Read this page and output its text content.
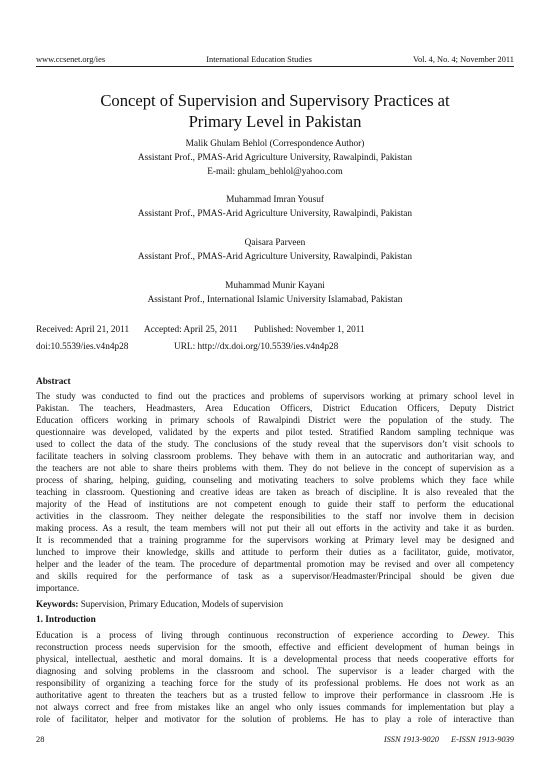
www.ccsenet.org/ies	International Education Studies	Vol. 4, No. 4; November 2011
Concept of Supervision and Supervisory Practices at
Primary Level in Pakistan
Malik Ghulam Behlol (Correspondence Author)
Assistant Prof., PMAS-Arid Agriculture University, Rawalpindi, Pakistan
E-mail: ghulam_behlol@yahoo.com
Muhammad Imran Yousuf
Assistant Prof., PMAS-Arid Agriculture University, Rawalpindi, Pakistan
Qaisara Parveen
Assistant Prof., PMAS-Arid Agriculture University, Rawalpindi, Pakistan
Muhammad Munir Kayani
Assistant Prof., International Islamic University Islamabad, Pakistan
Received: April 21, 2011 Accepted: April 25, 2011 Published: November 1, 2011
doi:10.5539/ies.v4n4p28	URL: http://dx.doi.org/10.5539/ies.v4n4p28
Abstract
The study was conducted to find out the practices and problems of supervisors working at primary school level in
Pakistan. The teachers, Headmasters, Area Education Officers, District Education Officers, Deputy District
Education officers working in primary schools of Rawalpindi District were the population of the study. The
questionnaire was developed, validated by the experts and pilot tested. Stratified Random sampling technique was
used to collect the data of the study. The conclusions of the study reveal that the supervisors don’t visit schools to
facilitate teachers in solving classroom problems. They behave with them in an autocratic and authoritarian way, and
the teachers are not able to share theirs problems with them. They do not believe in the concept of supervision as a
process of sharing, helping, guiding, counseling and motivating teachers to solve problems which they face while
teaching in classroom. Questioning and creative ideas are taken as breach of discipline. It is also revealed that the
majority of the Head of institutions are not competent enough to guide their staff to perform the educational
activities in the classroom. They neither delegate the responsibilities to the staff nor involve them in decision
making process. As a result, the team members will not put their all out efforts in the activity and take it as burden.
It is recommended that a training programme for the supervisors working at Primary level may be designed and
lunched to improve their knowledge, skills and attitude to perform their duties as a facilitator, guide, motivator,
helper and the leader of the team. The procedure of departmental promotion may be revised and over all competency
and skills required for the performance of task as a supervisor/Headmaster/Principal should be given due
importance.
Keywords: Supervision, Primary Education, Models of supervision
1. Introduction
Education is a process of living through continuous reconstruction of experience according to Dewey. This
reconstruction process needs supervision for the smooth, effective and efficient development of human beings in
physical, intellectual, aesthetic and moral domains. It is a developmental process that needs cooperative efforts for
diagnosing and solving problems in the classroom and school. The supervisor is a leader charged with the
responsibility of organizing a teaching force for the study of its professional problems. He does not work as an
authoritative agent to threaten the teachers but as a trusted fellow to improve their performance in classroom .He is
not always correct and free from mistakes like an angel who only issues commands for implementation but play a
role of facilitator, helper and motivator for the solution of problems. He has to play a role of interactive than
28	ISSN 1913-9020 E-ISSN 1913-9039
